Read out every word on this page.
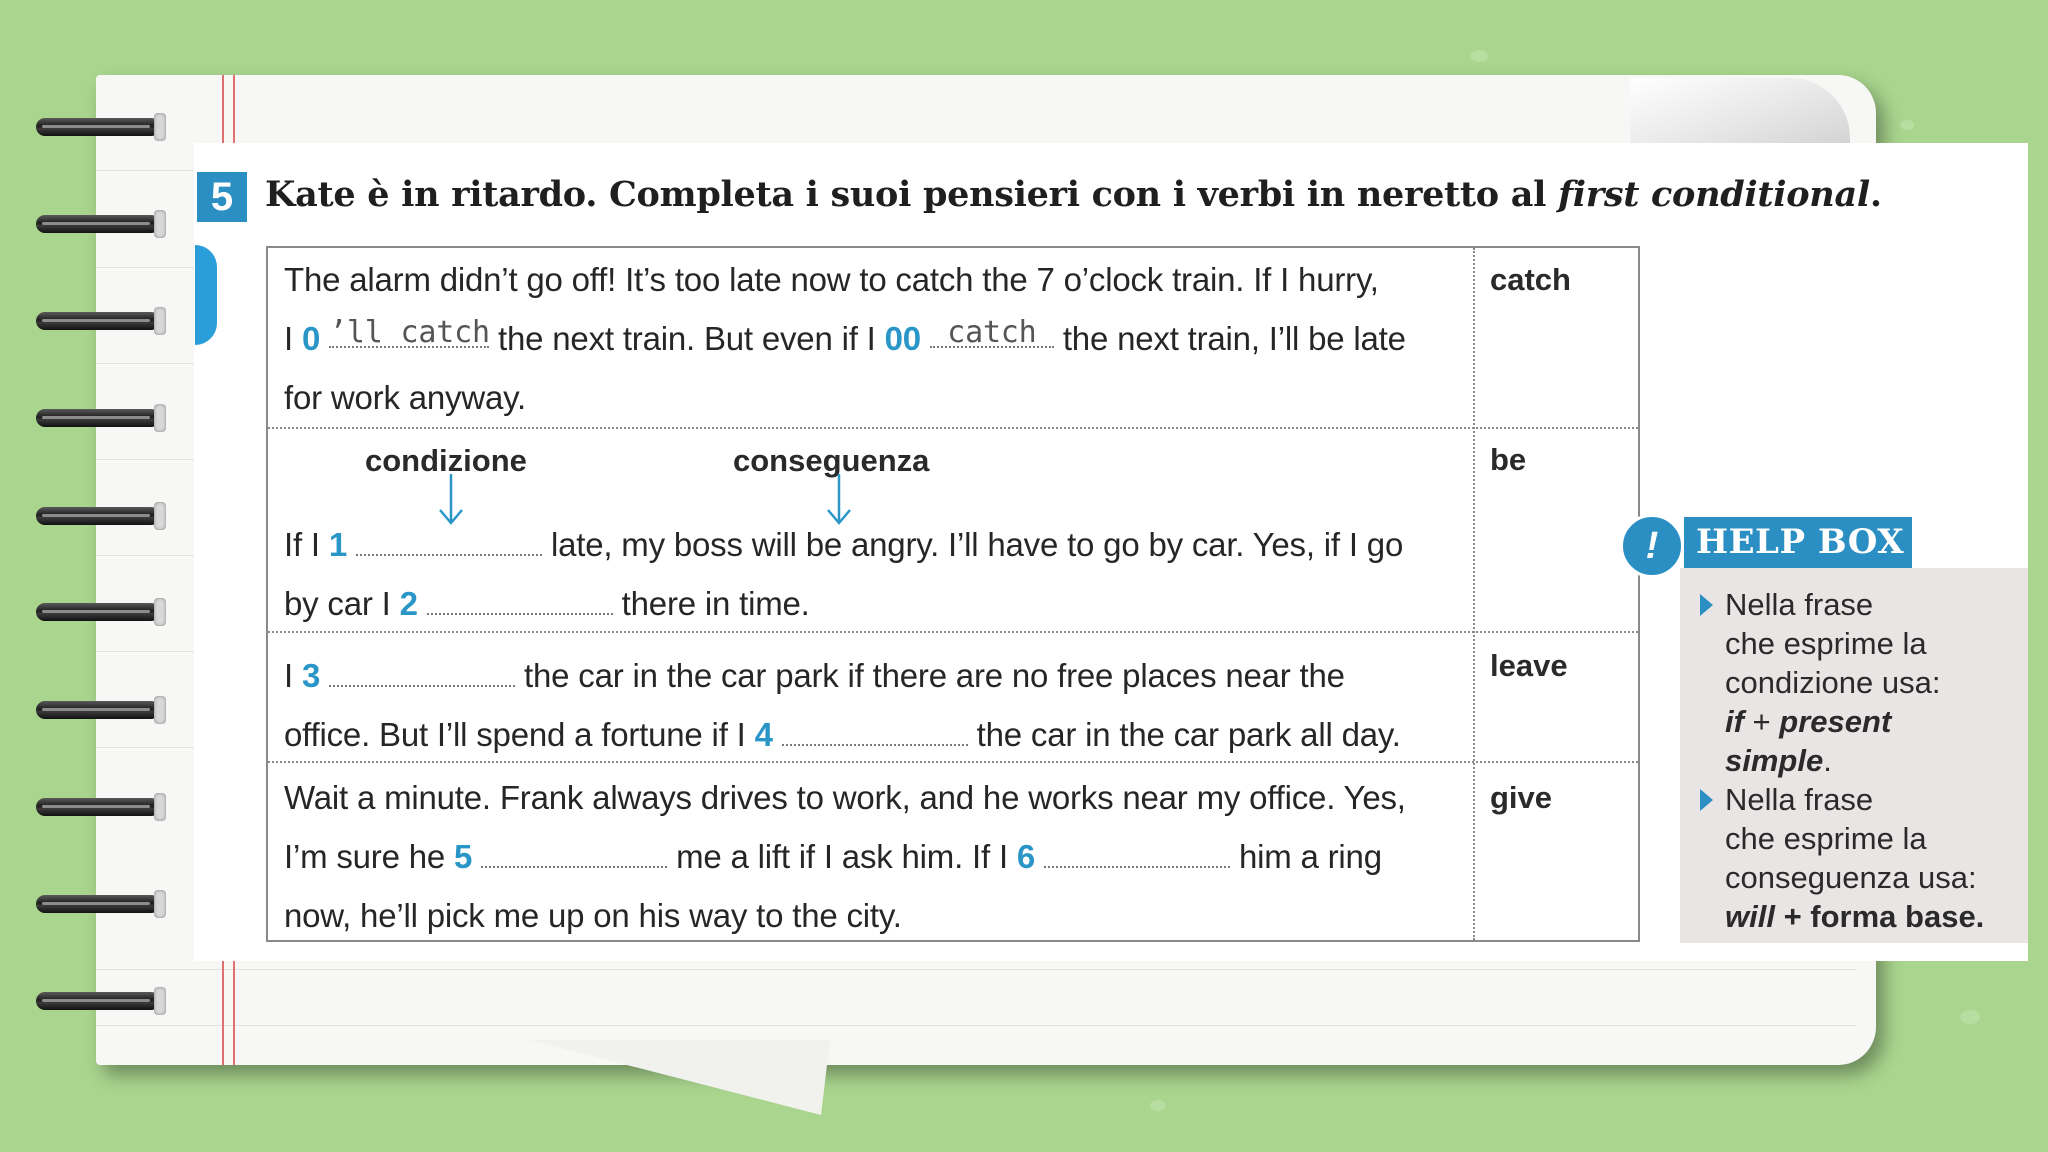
5 Kate è in ritardo. Completa i suoi pensieri con i verbi in neretto al first conditional.
The alarm didn’t go off! It’s too late now to catch the 7 o’clock train. If I hurry,
I 0 ’ll catch the next train. But even if I 00 catch the next train, I’ll be late
for work anyway.
catch
condizione	conseguenza
If I 1	late, my boss will be angry. I’ll have to go by car. Yes, if I go
by car I 2	there in time.
be
I 3	the car in the car park if there are no free places near the
office. But I’ll spend a fortune if I 4	the car in the car park all day.
leave
Wait a minute. Frank always drives to work, and he works near my office. Yes,
I’m sure he 5	me a lift if I ask him. If I 6	him a ring
now, he’ll pick me up on his way to the city.
give
HELP BOX
!
Nella frase
che esprime la
condizione usa:
if + present
simple.
Nella frase
che esprime la
conseguenza usa:
will + forma base.
